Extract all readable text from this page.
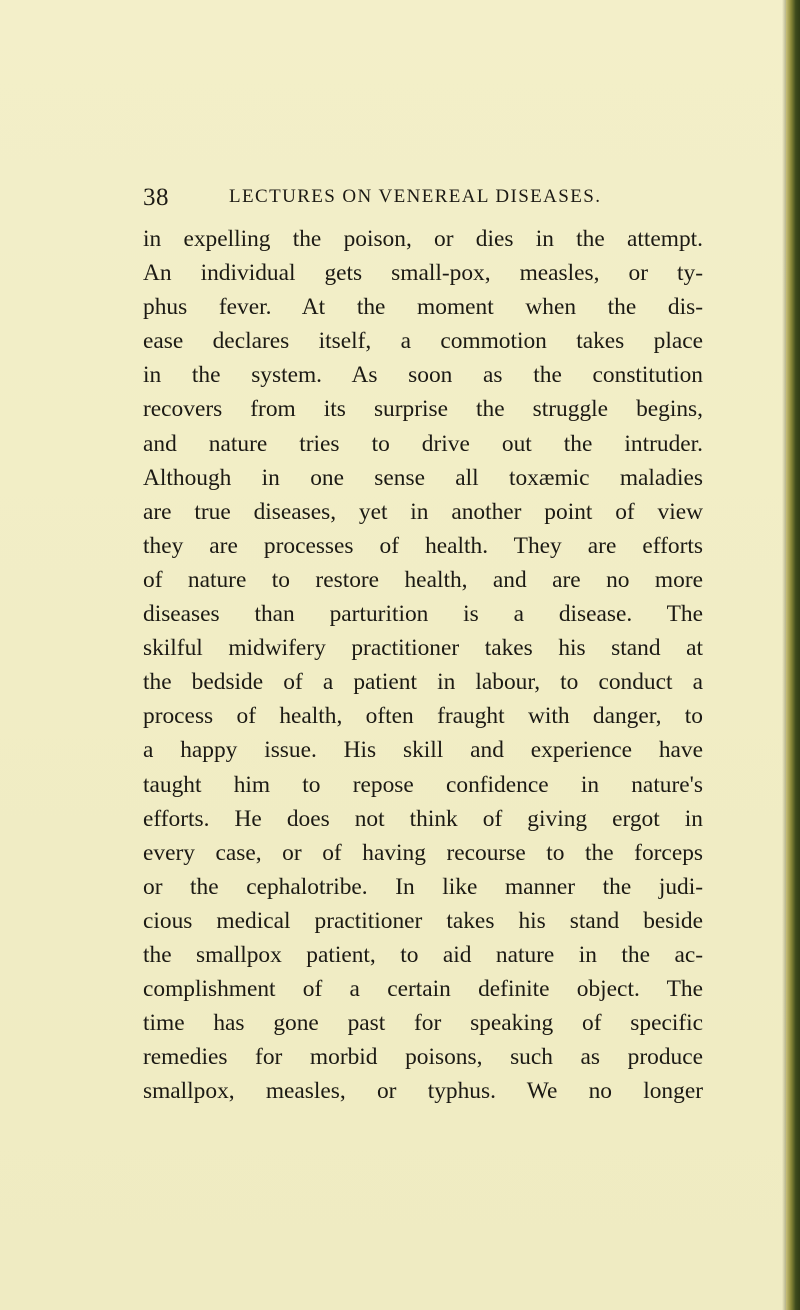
38	LECTURES ON VENEREAL DISEASES.
in expelling the poison, or dies in the attempt.
An individual gets small-pox, measles, or ty-
phus fever. At the moment when the dis-
ease declares itself, a commotion takes place
in the system. As soon as the constitution
recovers from its surprise the struggle begins,
and nature tries to drive out the intruder.
Although in one sense all toxæmic maladies
are true diseases, yet in another point of view
they are processes of health. They are efforts
of nature to restore health, and are no more
diseases than parturition is a disease. The
skilful midwifery practitioner takes his stand at
the bedside of a patient in labour, to conduct a
process of health, often fraught with danger, to
a happy issue. His skill and experience have
taught him to repose confidence in nature's
efforts. He does not think of giving ergot in
every case, or of having recourse to the forceps
or the cephalotribe. In like manner the judi-
cious medical practitioner takes his stand beside
the smallpox patient, to aid nature in the ac-
complishment of a certain definite object. The
time has gone past for speaking of specific
remedies for morbid poisons, such as produce
smallpox, measles, or typhus. We no longer
